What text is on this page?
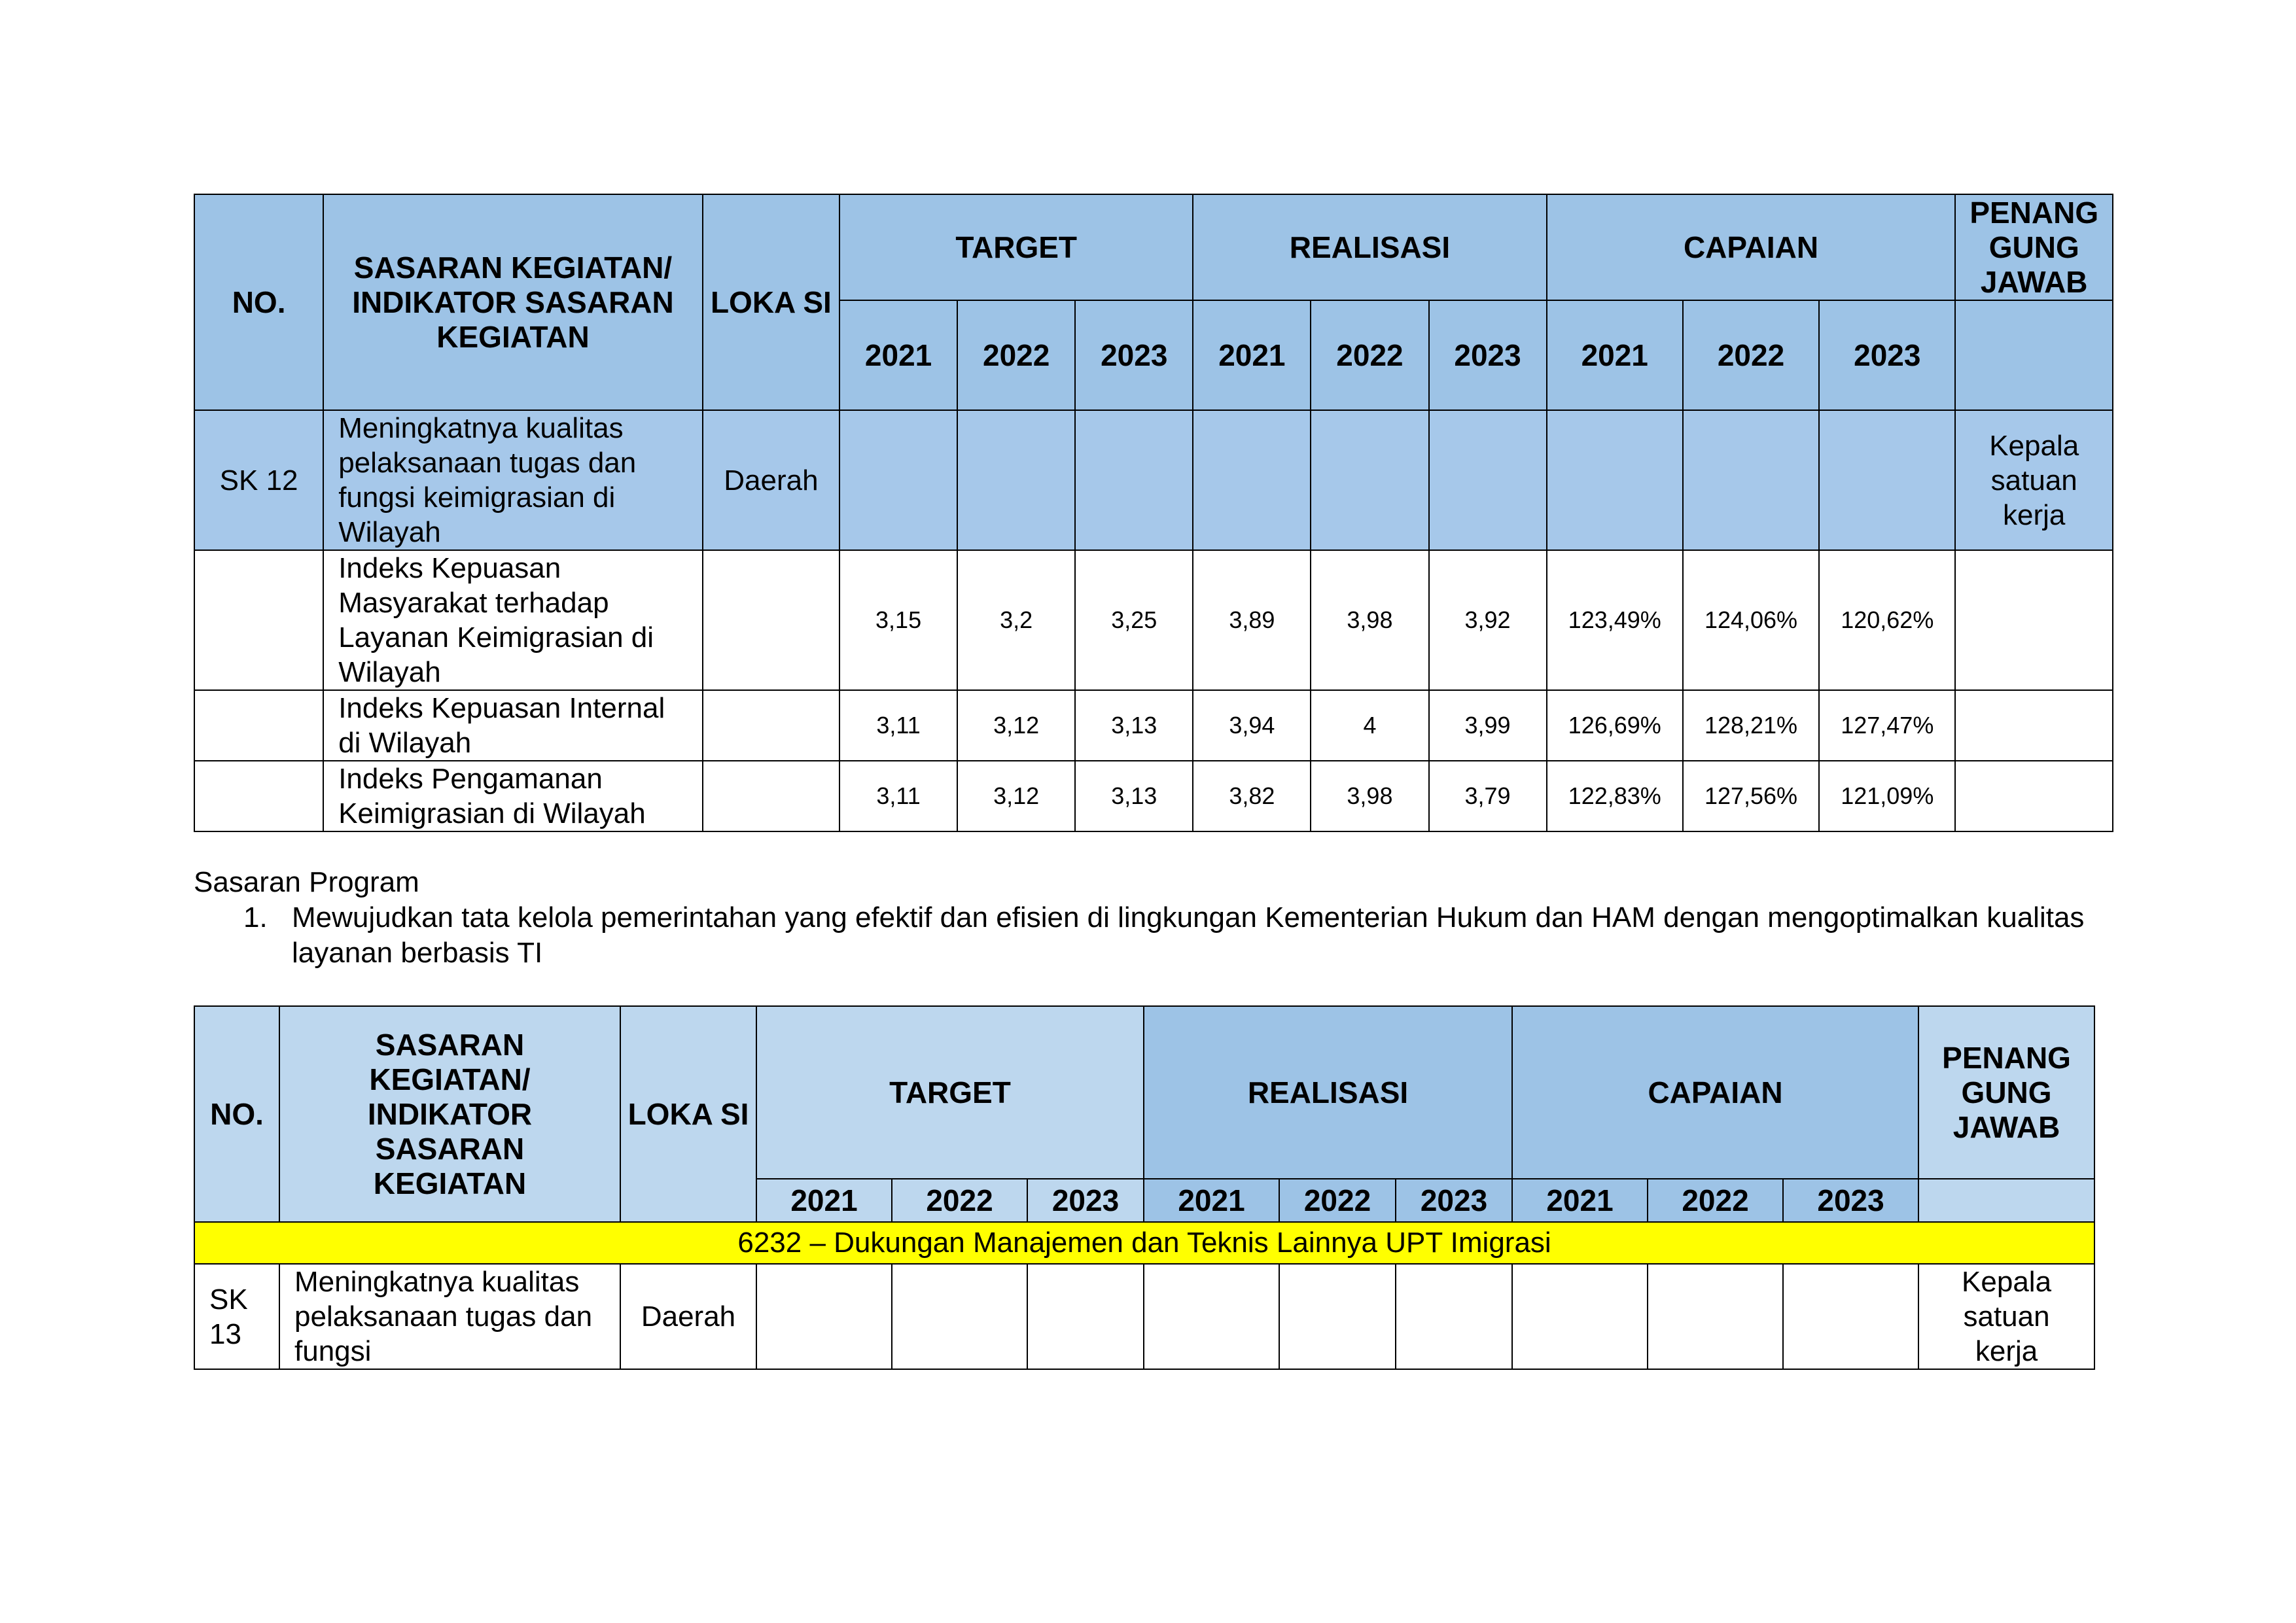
NO.	SASARAN KEGIATAN/ INDIKATOR SASARAN KEGIATAN	LOKA SI	TARGET			REALISASI			CAPAIAN			PENANG GUNG JAWAB
			2021	2022	2023	2021	2022	2023	2021	2022	2023	
SK 12	Meningkatnya kualitas pelaksanaan tugas dan fungsi keimigrasian di Wilayah	Daerah										Kepala satuan kerja
	Indeks Kepuasan Masyarakat terhadap Layanan Keimigrasian di Wilayah		3,15	3,2	3,25	3,89	3,98	3,92	123,49%	124,06%	120,62%	
	Indeks Kepuasan Internal di Wilayah		3,11	3,12	3,13	3,94	4	3,99	126,69%	128,21%	127,47%	
	Indeks Pengamanan Keimigrasian di Wilayah		3,11	3,12	3,13	3,82	3,98	3,79	122,83%	127,56%	121,09%	
Sasaran Program
1. Mewujudkan tata kelola pemerintahan yang efektif dan efisien di lingkungan Kementerian Hukum dan HAM dengan mengoptimalkan kualitas layanan berbasis TI
NO.	SASARAN KEGIATAN/ INDIKATOR SASARAN KEGIATAN	LOKA SI	TARGET			REALISASI			CAPAIAN			PENANG GUNG JAWAB
			2021	2022	2023	2021	2022	2023	2021	2022	2023	
6232 – Dukungan Manajemen dan Teknis Lainnya UPT Imigrasi												
SK 13	Meningkatnya kualitas pelaksanaan tugas dan fungsi	Daerah										Kepala satuan kerja
